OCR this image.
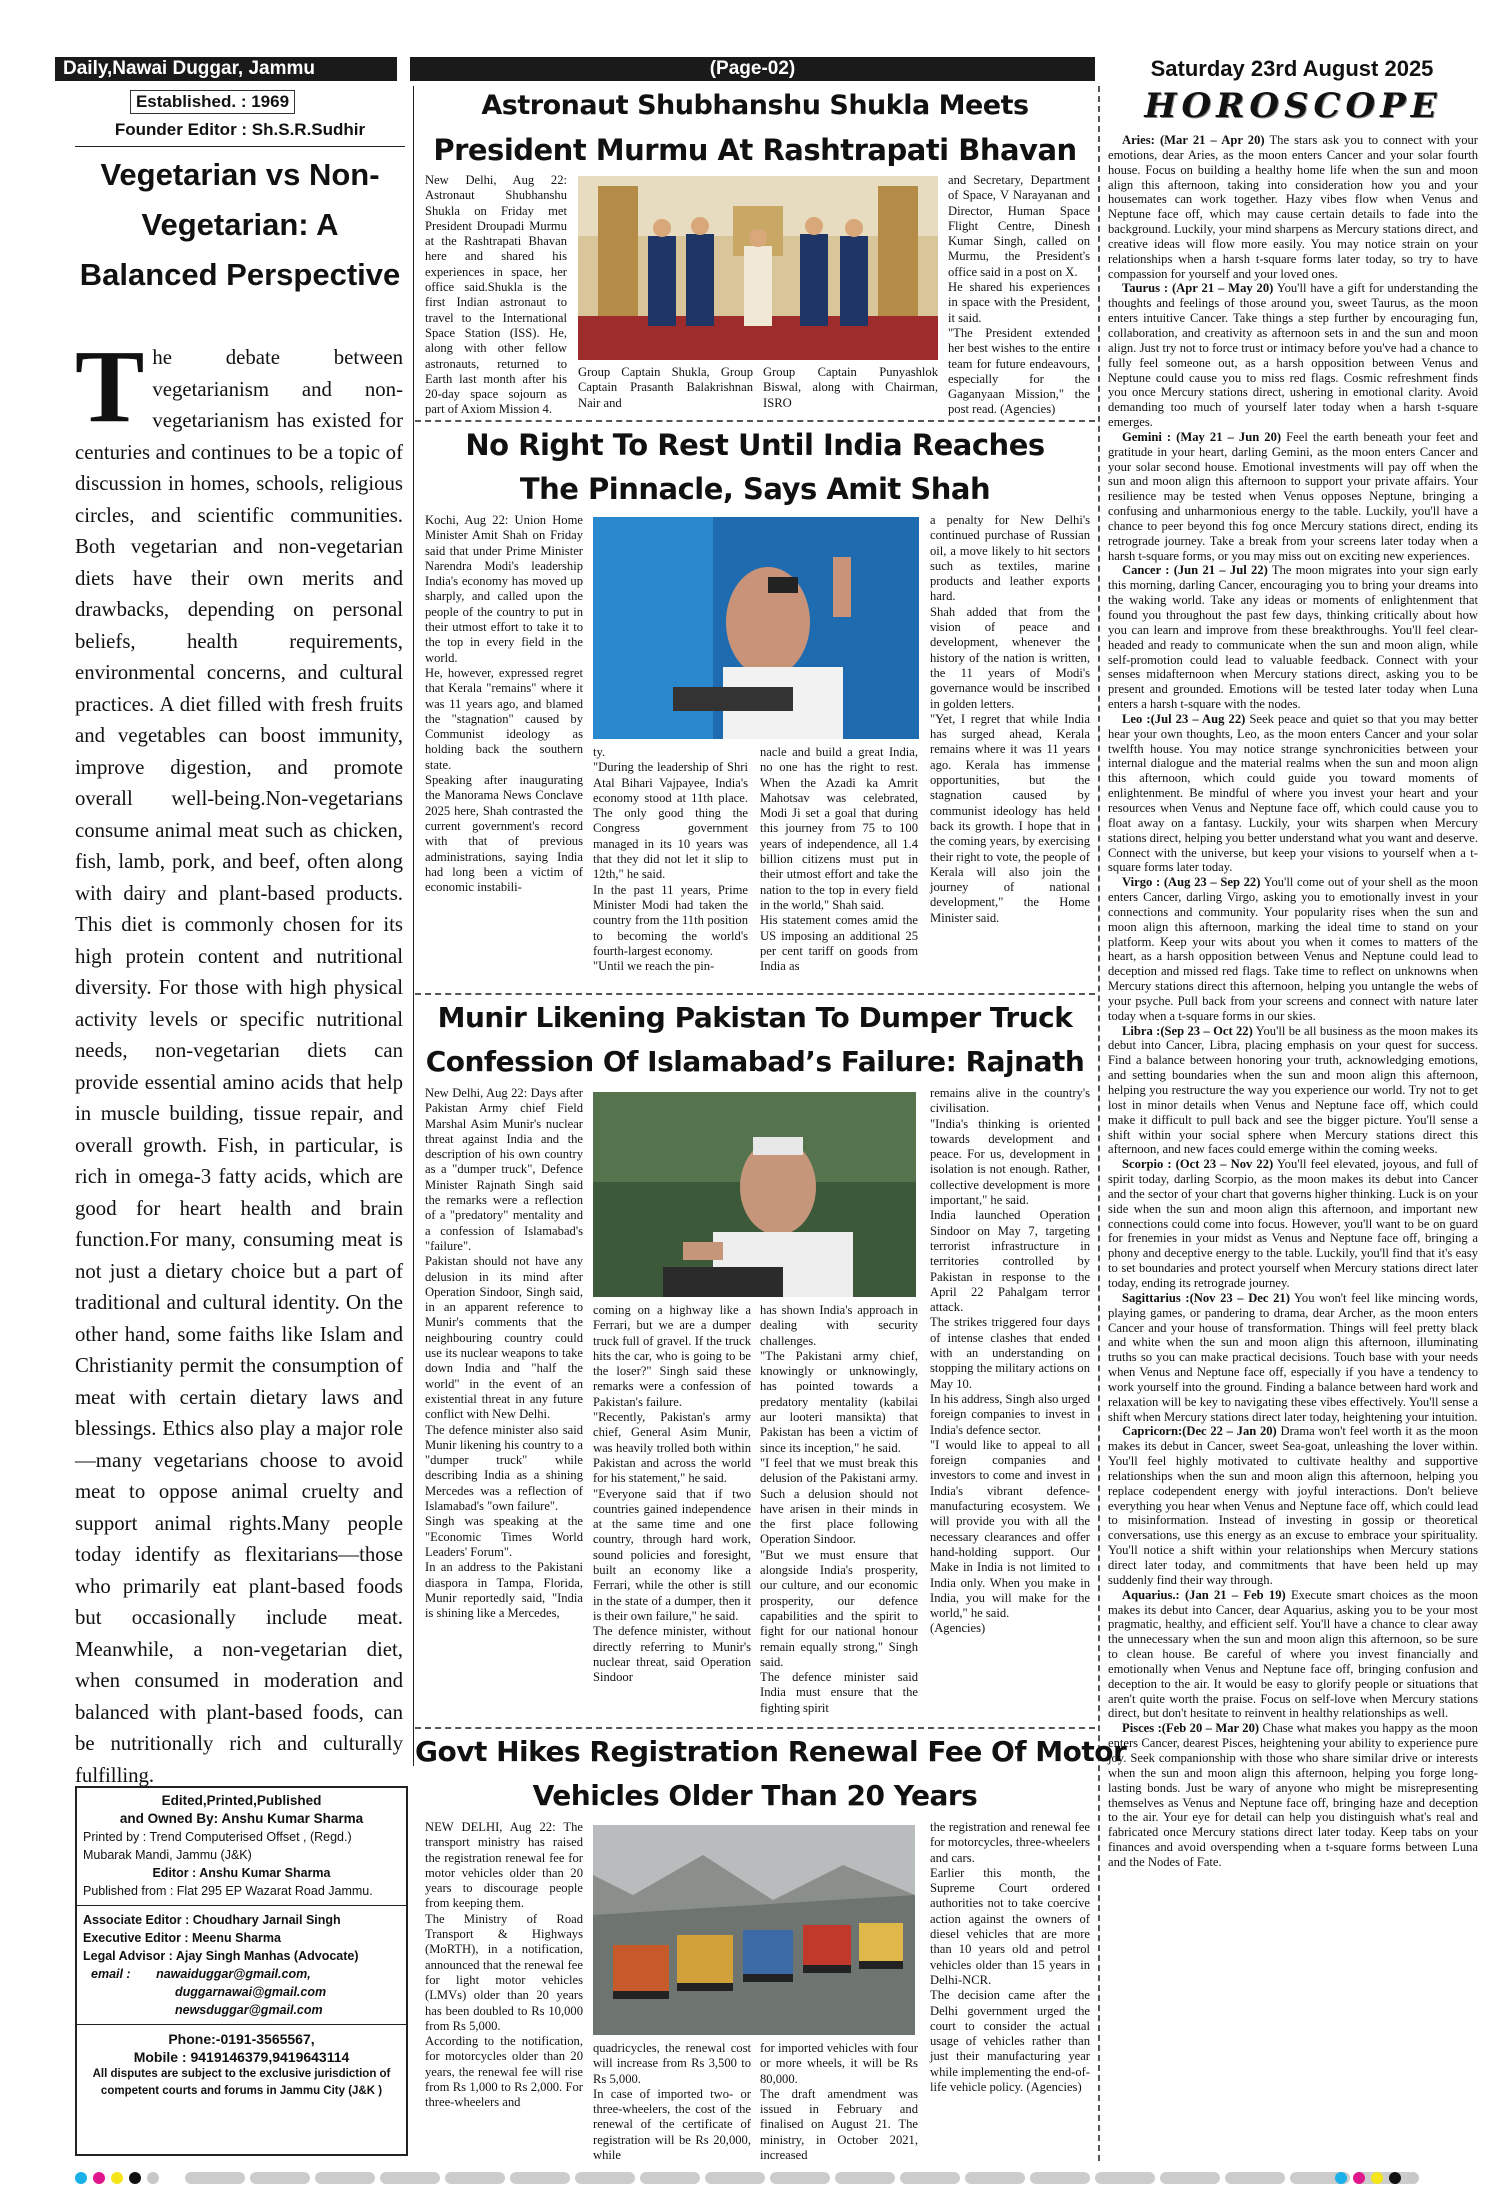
Daily,Nawai Duggar, Jammu	(Page-02)	Saturday 23rd August 2025
Established. : 1969
Founder Editor : Sh.S.R.Sudhir
Vegetarian vs Non-Vegetarian: A Balanced Perspective
The debate between vegetarianism and non-vegetarianism has existed for centuries and continues to be a topic of discussion in homes, schools, religious circles, and scientific communities. Both vegetarian and non-vegetarian diets have their own merits and drawbacks, depending on personal beliefs, health requirements, environmental concerns, and cultural practices. A diet filled with fresh fruits and vegetables can boost immunity, improve digestion, and promote overall well-being.Non-vegetarians consume animal meat such as chicken, fish, lamb, pork, and beef, often along with dairy and plant-based products. This diet is commonly chosen for its high protein content and nutritional diversity. For those with high physical activity levels or specific nutritional needs, non-vegetarian diets can provide essential amino acids that help in muscle building, tissue repair, and overall growth. Fish, in particular, is rich in omega-3 fatty acids, which are good for heart health and brain function.For many, consuming meat is not just a dietary choice but a part of traditional and cultural identity. On the other hand, some faiths like Islam and Christianity permit the consumption of meat with certain dietary laws and blessings. Ethics also play a major role—many vegetarians choose to avoid meat to oppose animal cruelty and support animal rights.Many people today identify as flexitarians—those who primarily eat plant-based foods but occasionally include meat. Meanwhile, a non-vegetarian diet, when consumed in moderation and balanced with plant-based foods, can be nutritionally rich and culturally fulfilling.
Edited,Printed,Published
and Owned By: Anshu Kumar Sharma
Printed by : Trend Computerised Offset , (Regd.)
Mubarak Mandi, Jammu (J&K)
Editor : Anshu Kumar Sharma
Published from : Flat 295 EP Wazarat Road Jammu.
Associate Editor : Choudhary Jarnail Singh
Executive Editor : Meenu Sharma
Legal Advisor : Ajay Singh Manhas (Advocate)
email : nawaiduggar@gmail.com,
duggarnawai@gmail.com
newsduggar@gmail.com
Phone:-0191-3565567,
Mobile : 9419146379,9419643114
All disputes are subject to the exclusive jurisdiction of competent courts and forums in Jammu City (J&K )
Astronaut Shubhanshu Shukla Meets
President Murmu At Rashtrapati Bhavan
New Delhi, Aug 22: Astronaut Shubhanshu Shukla on Friday met President Droupadi Murmu at the Rashtrapati Bhavan here and shared his experiences in space, her office said.Shukla is the first Indian astronaut to travel to the International Space Station (ISS). He, along with other fellow astronauts, returned to Earth last month after his 20-day space sojourn as part of Axiom Mission 4.
Group Captain Shukla, Group Captain Prasanth Balakrishnan Nair and
Group Captain Punyashlok Biswal, along with Chairman, ISRO
and Secretary, Department of Space, V Narayanan and Director, Human Space Flight Centre, Dinesh Kumar Singh, called on Murmu, the President's office said in a post on X.
He shared his experiences in space with the President, it said.
"The President extended her best wishes to the entire team for future endeavours, especially for the Gaganyaan Mission," the post read. (Agencies)
No Right To Rest Until India Reaches
The Pinnacle, Says Amit Shah
Kochi, Aug 22: Union Home Minister Amit Shah on Friday said that under Prime Minister Narendra Modi's leadership India's economy has moved up sharply, and called upon the people of the country to put in their utmost effort to take it to the top in every field in the world.
He, however, expressed regret that Kerala "remains" where it was 11 years ago, and blamed the "stagnation" caused by Communist ideology as holding back the southern state.
Speaking after inaugurating the Manorama News Conclave 2025 here, Shah contrasted the current government's record with that of previous administrations, saying India had long been a victim of economic instabili-
ty.
"During the leadership of Shri Atal Bihari Vajpayee, India's economy stood at 11th place. The only good thing the Congress government managed in its 10 years was that they did not let it slip to 12th," he said.
In the past 11 years, Prime Minister Modi had taken the country from the 11th position to becoming the world's fourth-largest economy.
"Until we reach the pin-
nacle and build a great India, no one has the right to rest. When the Azadi ka Amrit Mahotsav was celebrated, Modi Ji set a goal that during this journey from 75 to 100 years of independence, all 1.4 billion citizens must put in their utmost effort and take the nation to the top in every field in the world," Shah said.
His statement comes amid the US imposing an additional 25 per cent tariff on goods from India as
a penalty for New Delhi's continued purchase of Russian oil, a move likely to hit sectors such as textiles, marine products and leather exports hard.
Shah added that from the vision of peace and development, whenever the history of the nation is written, the 11 years of Modi's governance would be inscribed in golden letters.
"Yet, I regret that while India has surged ahead, Kerala remains where it was 11 years ago. Kerala has immense opportunities, but the stagnation caused by communist ideology has held back its growth. I hope that in the coming years, by exercising their right to vote, the people of Kerala will also join the journey of national development," the Home Minister said.
Munir Likening Pakistan To Dumper Truck
Confession Of Islamabad’s Failure: Rajnath
New Delhi, Aug 22: Days after Pakistan Army chief Field Marshal Asim Munir's nuclear threat against India and the description of his own country as a "dumper truck", Defence Minister Rajnath Singh said the remarks were a reflection of a "predatory" mentality and a confession of Islamabad's "failure".
Pakistan should not have any delusion in its mind after Operation Sindoor, Singh said, in an apparent reference to Munir's comments that the neighbouring country could use its nuclear weapons to take down India and "half the world" in the event of an existential threat in any future conflict with New Delhi.
The defence minister also said Munir likening his country to a "dumper truck" while describing India as a shining Mercedes was a reflection of Islamabad's "own failure".
Singh was speaking at the "Economic Times World Leaders' Forum".
In an address to the Pakistani diaspora in Tampa, Florida, Munir reportedly said, "India is shining like a Mercedes,
coming on a highway like a Ferrari, but we are a dumper truck full of gravel. If the truck hits the car, who is going to be the loser?" Singh said these remarks were a confession of Pakistan's failure.
"Recently, Pakistan's army chief, General Asim Munir, was heavily trolled both within Pakistan and across the world for his statement," he said.
"Everyone said that if two countries gained independence at the same time and one country, through hard work, sound policies and foresight, built an economy like a Ferrari, while the other is still in the state of a dumper, then it is their own failure," he said.
The defence minister, without directly referring to Munir's nuclear threat, said Operation Sindoor
has shown India's approach in dealing with security challenges.
"The Pakistani army chief, knowingly or unknowingly, has pointed towards a predatory mentality (kabilai aur looteri mansikta) that Pakistan has been a victim of since its inception," he said.
"I feel that we must break this delusion of the Pakistani army. Such a delusion should not have arisen in their minds in the first place following Operation Sindoor.
"But we must ensure that alongside India's prosperity, our culture, and our economic prosperity, our defence capabilities and the spirit to fight for our national honour remain equally strong," Singh said.
The defence minister said India must ensure that the fighting spirit
remains alive in the country's civilisation.
"India's thinking is oriented towards development and peace. For us, development in isolation is not enough. Rather, collective development is more important," he said.
India launched Operation Sindoor on May 7, targeting terrorist infrastructure in territories controlled by Pakistan in response to the April 22 Pahalgam terror attack.
The strikes triggered four days of intense clashes that ended with an understanding on stopping the military actions on May 10.
In his address, Singh also urged foreign companies to invest in India's defence sector.
"I would like to appeal to all foreign companies and investors to come and invest in India's vibrant defence-manufacturing ecosystem. We will provide you with all the necessary clearances and offer hand-holding support. Our Make in India is not limited to India only. When you make in India, you will make for the world," he said.
(Agencies)
Govt Hikes Registration Renewal Fee Of Motor
Vehicles Older Than 20 Years
NEW DELHI, Aug 22: The transport ministry has raised the registration renewal fee for motor vehicles older than 20 years to discourage people from keeping them.
The Ministry of Road Transport & Highways (MoRTH), in a notification, announced that the renewal fee for light motor vehicles (LMVs) older than 20 years has been doubled to Rs 10,000 from Rs 5,000.
According to the notification, for motorcycles older than 20 years, the renewal fee will rise from Rs 1,000 to Rs 2,000. For three-wheelers and
quadricycles, the renewal cost will increase from Rs 3,500 to Rs 5,000.
In case of imported two- or three-wheelers, the cost of the renewal of the certificate of registration will be Rs 20,000, while
for imported vehicles with four or more wheels, it will be Rs 80,000.
The draft amendment was issued in February and finalised on August 21. The ministry, in October 2021, increased
the registration and renewal fee for motorcycles, three-wheelers and cars.
Earlier this month, the Supreme Court ordered authorities not to take coercive action against the owners of diesel vehicles that are more than 10 years old and petrol vehicles older than 15 years in Delhi-NCR.
The decision came after the Delhi government urged the court to consider the actual usage of vehicles rather than just their manufacturing year while implementing the end-of-life vehicle policy. (Agencies)
HOROSCOPE

Aries: (Mar 21 – Apr 20) The stars ask you to connect with your emotions, dear Aries, as the moon enters Cancer and your solar fourth house. Focus on building a healthy home life when the sun and moon align this afternoon, taking into consideration how you and your housemates can work together. Hazy vibes flow when Venus and Neptune face off, which may cause certain details to fade into the background. Luckily, your mind sharpens as Mercury stations direct, and creative ideas will flow more easily. You may notice strain on your relationships when a harsh t-square forms later today, so try to have compassion for yourself and your loved ones.

Taurus : (Apr 21 – May 20) You'll have a gift for understanding the thoughts and feelings of those around you, sweet Taurus, as the moon enters intuitive Cancer. Take things a step further by encouraging fun, collaboration, and creativity as afternoon sets in and the sun and moon align. Just try not to force trust or intimacy before you've had a chance to fully feel someone out, as a harsh opposition between Venus and Neptune could cause you to miss red flags. Cosmic refreshment finds you once Mercury stations direct, ushering in emotional clarity. Avoid demanding too much of yourself later today when a harsh t-square emerges.

Gemini : (May 21 – Jun 20) Feel the earth beneath your feet and gratitude in your heart, darling Gemini, as the moon enters Cancer and your solar second house. Emotional investments will pay off when the sun and moon align this afternoon to support your private affairs. Your resilience may be tested when Venus opposes Neptune, bringing a confusing and unharmonious energy to the table. Luckily, you'll have a chance to peer beyond this fog once Mercury stations direct, ending its retrograde journey. Take a break from your screens later today when a harsh t-square forms, or you may miss out on exciting new experiences.

Cancer : (Jun 21 – Jul 22) The moon migrates into your sign early this morning, darling Cancer, encouraging you to bring your dreams into the waking world. Take any ideas or moments of enlightenment that found you throughout the past few days, thinking critically about how you can learn and improve from these breakthroughs. You'll feel clear-headed and ready to communicate when the sun and moon align, while self-promotion could lead to valuable feedback. Connect with your senses midafternoon when Mercury stations direct, asking you to be present and grounded. Emotions will be tested later today when Luna enters a harsh t-square with the nodes.

Leo :(Jul 23 – Aug 22) Seek peace and quiet so that you may better hear your own thoughts, Leo, as the moon enters Cancer and your solar twelfth house. You may notice strange synchronicities between your internal dialogue and the material realms when the sun and moon align this afternoon, which could guide you toward moments of enlightenment. Be mindful of where you invest your heart and your resources when Venus and Neptune face off, which could cause you to float away on a fantasy. Luckily, your wits sharpen when Mercury stations direct, helping you better understand what you want and deserve. Connect with the universe, but keep your visions to yourself when a t-square forms later today.

Virgo : (Aug 23 – Sep 22) You'll come out of your shell as the moon enters Cancer, darling Virgo, asking you to emotionally invest in your connections and community. Your popularity rises when the sun and moon align this afternoon, marking the ideal time to stand on your platform. Keep your wits about you when it comes to matters of the heart, as a harsh opposition between Venus and Neptune could lead to deception and missed red flags. Take time to reflect on unknowns when Mercury stations direct this afternoon, helping you untangle the webs of your psyche. Pull back from your screens and connect with nature later today when a t-square forms in our skies.

Libra :(Sep 23 – Oct 22) You'll be all business as the moon makes its debut into Cancer, Libra, placing emphasis on your quest for success. Find a balance between honoring your truth, acknowledging emotions, and setting boundaries when the sun and moon align this afternoon, helping you restructure the way you experience our world. Try not to get lost in minor details when Venus and Neptune face off, which could make it difficult to pull back and see the bigger picture. You'll sense a shift within your social sphere when Mercury stations direct this afternoon, and new faces could emerge within the coming weeks.

Scorpio : (Oct 23 – Nov 22) You'll feel elevated, joyous, and full of spirit today, darling Scorpio, as the moon makes its debut into Cancer and the sector of your chart that governs higher thinking. Luck is on your side when the sun and moon align this afternoon, and important new connections could come into focus. However, you'll want to be on guard for frenemies in your midst as Venus and Neptune face off, bringing a phony and deceptive energy to the table. Luckily, you'll find that it's easy to set boundaries and protect yourself when Mercury stations direct later today, ending its retrograde journey.

Sagittarius :(Nov 23 – Dec 21) You won't feel like mincing words, playing games, or pandering to drama, dear Archer, as the moon enters Cancer and your house of transformation. Things will feel pretty black and white when the sun and moon align this afternoon, illuminating truths so you can make practical decisions. Touch base with your needs when Venus and Neptune face off, especially if you have a tendency to work yourself into the ground. Finding a balance between hard work and relaxation will be key to navigating these vibes effectively. You'll sense a shift when Mercury stations direct later today, heightening your intuition.

Capricorn:(Dec 22 – Jan 20) Drama won't feel worth it as the moon makes its debut in Cancer, sweet Sea-goat, unleashing the lover within. You'll feel highly motivated to cultivate healthy and supportive relationships when the sun and moon align this afternoon, helping you replace codependent energy with joyful interactions. Don't believe everything you hear when Venus and Neptune face off, which could lead to misinformation. Instead of investing in gossip or theoretical conversations, use this energy as an excuse to embrace your spirituality. You'll notice a shift within your relationships when Mercury stations direct later today, and commitments that have been held up may suddenly find their way through.

Aquarius.: (Jan 21 – Feb 19) Execute smart choices as the moon makes its debut into Cancer, dear Aquarius, asking you to be your most pragmatic, healthy, and efficient self. You'll have a chance to clear away the unnecessary when the sun and moon align this afternoon, so be sure to clean house. Be careful of where you invest financially and emotionally when Venus and Neptune face off, bringing confusion and deception to the air. It would be easy to glorify people or situations that aren't quite worth the praise. Focus on self-love when Mercury stations direct, but don't hesitate to reinvent in healthy relationships as well.

Pisces :(Feb 20 – Mar 20) Chase what makes you happy as the moon enters Cancer, dearest Pisces, heightening your ability to experience pure joy. Seek companionship with those who share similar drive or interests when the sun and moon align this afternoon, helping you forge long-lasting bonds. Just be wary of anyone who might be misrepresenting themselves as Venus and Neptune face off, bringing haze and deception to the air. Your eye for detail can help you distinguish what's real and fabricated once Mercury stations direct later today. Keep tabs on your finances and avoid overspending when a t-square forms between Luna and the Nodes of Fate.
